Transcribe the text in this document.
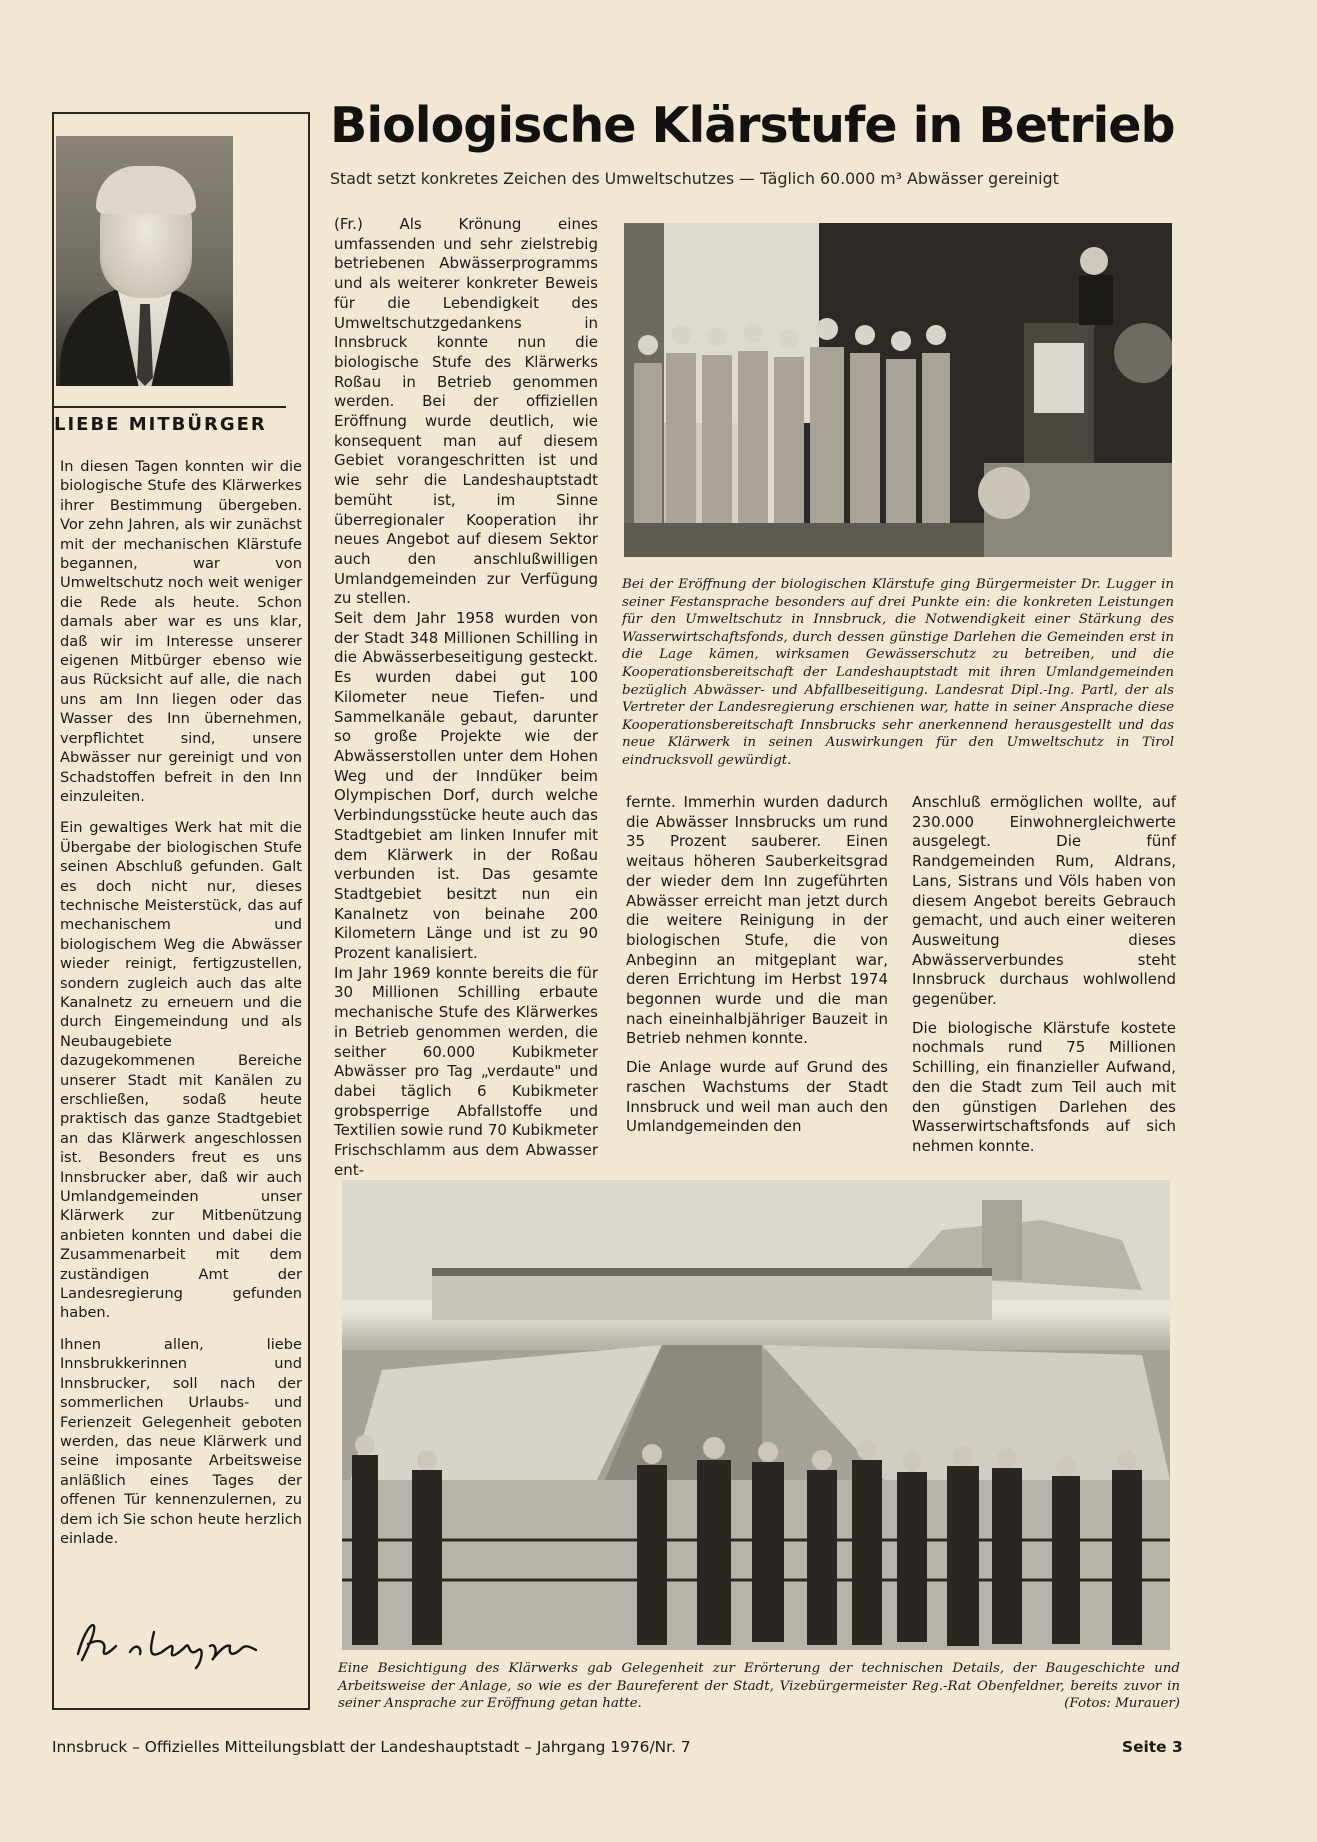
LIEBE MITBÜRGER

In diesen Tagen konnten wir die biologische Stufe des Klärwerkes ihrer Bestimmung übergeben. Vor zehn Jahren, als wir zunächst mit der mechanischen Klärstufe begannen, war von Umweltschutz noch weit weniger die Rede als heute. Schon damals aber war es uns klar, daß wir im Interesse unserer eigenen Mitbürger ebenso wie aus Rücksicht auf alle, die nach uns am Inn liegen oder das Wasser des Inn übernehmen, verpflichtet sind, unsere Abwässer nur gereinigt und von Schadstoffen befreit in den Inn einzuleiten.

Ein gewaltiges Werk hat mit die Übergabe der biologischen Stufe seinen Abschluß gefunden. Galt es doch nicht nur, dieses technische Meisterstück, das auf mechanischem und biologischem Weg die Abwässer wieder reinigt, fertigzustellen, sondern zugleich auch das alte Kanalnetz zu erneuern und die durch Eingemeindung und als Neubaugebiete dazugekommenen Bereiche unserer Stadt mit Kanälen zu erschließen, sodaß heute praktisch das ganze Stadtgebiet an das Klärwerk angeschlossen ist. Besonders freut es uns Innsbrucker aber, daß wir auch Umlandgemeinden unser Klärwerk zur Mitbenützung anbieten konnten und dabei die Zusammenarbeit mit dem zuständigen Amt der Landesregierung gefunden haben.

Ihnen allen, liebe Innsbrukkerinnen und Innsbrucker, soll nach der sommerlichen Urlaubs- und Ferienzeit Gelegenheit geboten werden, das neue Klärwerk und seine imposante Arbeitsweise anläßlich eines Tages der offenen Tür kennenzulernen, zu dem ich Sie schon heute herzlich einlade.

Biologische Klärstufe in Betrieb

Stadt setzt konkretes Zeichen des Umweltschutzes — Täglich 60.000 m³ Abwässer gereinigt

(Fr.) Als Krönung eines umfassenden und sehr zielstrebig betriebenen Abwässerprogramms und als weiterer konkreter Beweis für die Lebendigkeit des Umweltschutzgedankens in Innsbruck konnte nun die biologische Stufe des Klärwerks Roßau in Betrieb genommen werden. Bei der offiziellen Eröffnung wurde deutlich, wie konsequent man auf diesem Gebiet vorangeschritten ist und wie sehr die Landeshauptstadt bemüht ist, im Sinne überregionaler Kooperation ihr neues Angebot auf diesem Sektor auch den anschlußwilligen Umlandgemeinden zur Verfügung zu stellen.

Seit dem Jahr 1958 wurden von der Stadt 348 Millionen Schilling in die Abwässerbeseitigung gesteckt. Es wurden dabei gut 100 Kilometer neue Tiefen- und Sammelkanäle gebaut, darunter so große Projekte wie der Abwässerstollen unter dem Hohen Weg und der Inndüker beim Olympischen Dorf, durch welche Verbindungsstücke heute auch das Stadtgebiet am linken Innufer mit dem Klärwerk in der Roßau verbunden ist. Das gesamte Stadtgebiet besitzt nun ein Kanalnetz von beinahe 200 Kilometern Länge und ist zu 90 Prozent kanalisiert.

Im Jahr 1969 konnte bereits die für 30 Millionen Schilling erbaute mechanische Stufe des Klärwerkes in Betrieb genommen werden, die seither 60.000 Kubikmeter Abwässer pro Tag „verdaute" und dabei täglich 6 Kubikmeter grobsperrige Abfallstoffe und Textilien sowie rund 70 Kubikmeter Frischschlamm aus dem Abwasser ent-

Bei der Eröffnung der biologischen Klärstufe ging Bürgermeister Dr. Lugger in seiner Festansprache besonders auf drei Punkte ein: die konkreten Leistungen für den Umweltschutz in Innsbruck, die Notwendigkeit einer Stärkung des Wasserwirtschaftsfonds, durch dessen günstige Darlehen die Gemeinden erst in die Lage kämen, wirksamen Gewässerschutz zu betreiben, und die Kooperationsbereitschaft der Landeshauptstadt mit ihren Umlandgemeinden bezüglich Abwässer- und Abfallbeseitigung. Landesrat Dipl.-Ing. Partl, der als Vertreter der Landesregierung erschienen war, hatte in seiner Ansprache diese Kooperationsbereitschaft Innsbrucks sehr anerkennend herausgestellt und das neue Klärwerk in seinen Auswirkungen für den Umweltschutz in Tirol eindrucksvoll gewürdigt.

fernte. Immerhin wurden dadurch die Abwässer Innsbrucks um rund 35 Prozent sauberer. Einen weitaus höheren Sauberkeitsgrad der wieder dem Inn zugeführten Abwässer erreicht man jetzt durch die weitere Reinigung in der biologischen Stufe, die von Anbeginn an mitgeplant war, deren Errichtung im Herbst 1974 begonnen wurde und die man nach eineinhalbjähriger Bauzeit in Betrieb nehmen konnte.

Die Anlage wurde auf Grund des raschen Wachstums der Stadt Innsbruck und weil man auch den Umlandgemeinden den

Anschluß ermöglichen wollte, auf 230.000 Einwohnergleichwerte ausgelegt. Die fünf Randgemeinden Rum, Aldrans, Lans, Sistrans und Völs haben von diesem Angebot bereits Gebrauch gemacht, und auch einer weiteren Ausweitung dieses Abwässerverbundes steht Innsbruck durchaus wohlwollend gegenüber.

Die biologische Klärstufe kostete nochmals rund 75 Millionen Schilling, ein finanzieller Aufwand, den die Stadt zum Teil auch mit den günstigen Darlehen des Wasserwirtschaftsfonds auf sich nehmen konnte.

Eine Besichtigung des Klärwerks gab Gelegenheit zur Erörterung der technischen Details, der Baugeschichte und Arbeitsweise der Anlage, so wie es der Baureferent der Stadt, Vizebürgermeister Reg.-Rat Obenfeldner, bereits zuvor in seiner Ansprache zur Eröffnung getan hatte.	(Fotos: Murauer)
Innsbruck – Offizielles Mitteilungsblatt der Landeshauptstadt – Jahrgang 1976/Nr. 7	Seite 3
